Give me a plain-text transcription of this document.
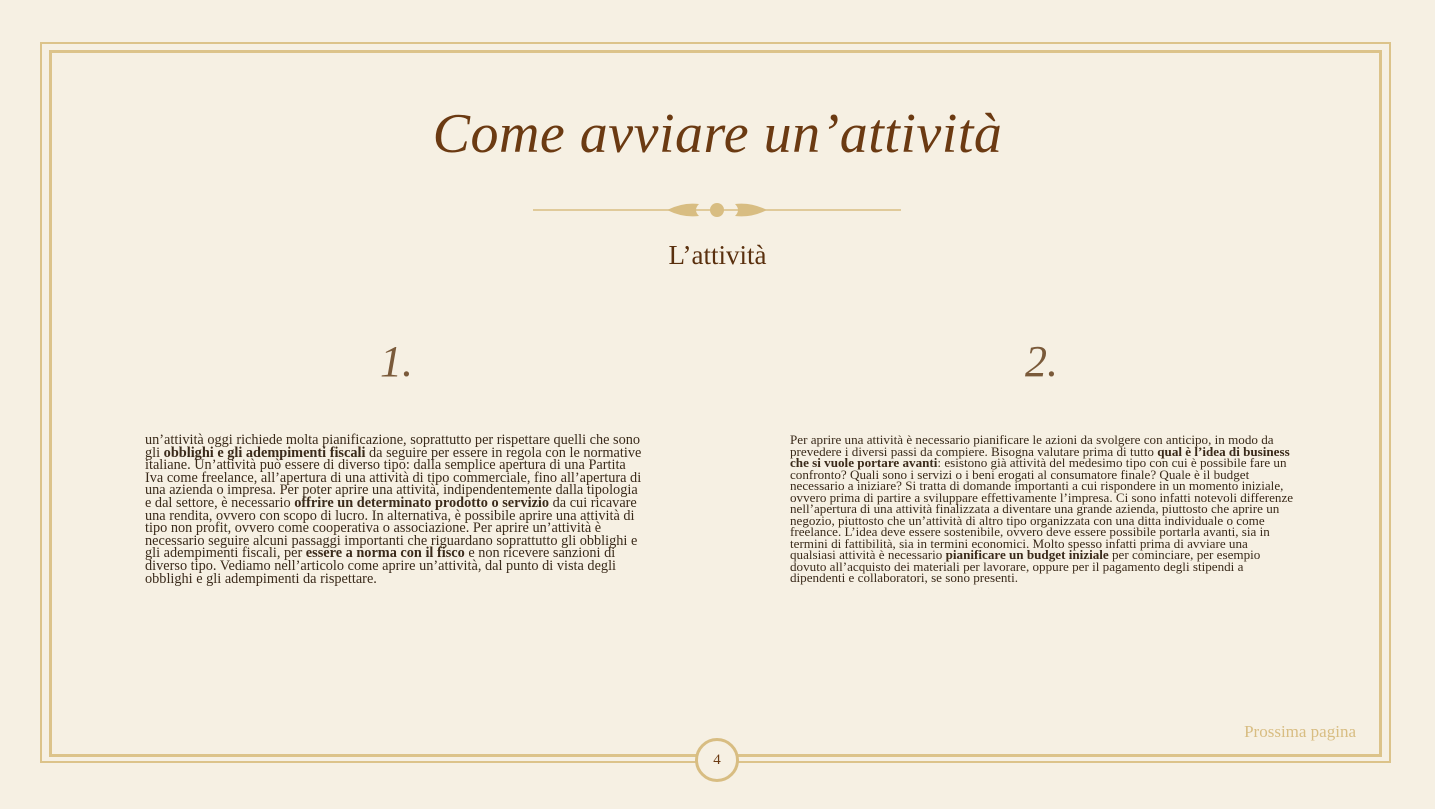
Come avviare un’attività
L’attività
1.	2.

un’attività oggi richiede molta pianificazione, soprattutto per rispettare quelli che sono gli obblighi e gli adempimenti fiscali da seguire per essere in regola con le normative italiane. Un’attività può essere di diverso tipo: dalla semplice apertura di una Partita Iva come freelance, all’apertura di una attività di tipo commerciale, fino all’apertura di una azienda o impresa. Per poter aprire una attività, indipendentemente dalla tipologia e dal settore, è necessario offrire un determinato prodotto o servizio da cui ricavare una rendita, ovvero con scopo di lucro. In alternativa, è possibile aprire una attività di tipo non profit, ovvero come cooperativa o associazione. Per aprire un’attività è necessario seguire alcuni passaggi importanti che riguardano soprattutto gli obblighi e gli adempimenti fiscali, per essere a norma con il fisco e non ricevere sanzioni di diverso tipo. Vediamo nell’articolo come aprire un’attività, dal punto di vista degli obblighi e gli adempimenti da rispettare.

Per aprire una attività è necessario pianificare le azioni da svolgere con anticipo, in modo da prevedere i diversi passi da compiere. Bisogna valutare prima di tutto qual è l’idea di business che si vuole portare avanti: esistono già attività del medesimo tipo con cui è possibile fare un confronto? Quali sono i servizi o i beni erogati al consumatore finale? Quale è il budget necessario a iniziare? Si tratta di domande importanti a cui rispondere in un momento iniziale, ovvero prima di partire a sviluppare effettivamente l’impresa. Ci sono infatti notevoli differenze nell’apertura di una attività finalizzata a diventare una grande azienda, piuttosto che aprire un negozio, piuttosto che un’attività di altro tipo organizzata con una ditta individuale o come freelance. L’idea deve essere sostenibile, ovvero deve essere possibile portarla avanti, sia in termini di fattibilità, sia in termini economici. Molto spesso infatti prima di avviare una qualsiasi attività è necessario pianificare un budget iniziale per cominciare, per esempio dovuto all’acquisto dei materiali per lavorare, oppure per il pagamento degli stipendi a dipendenti e collaboratori, se sono presenti.

Prossima pagina
4
